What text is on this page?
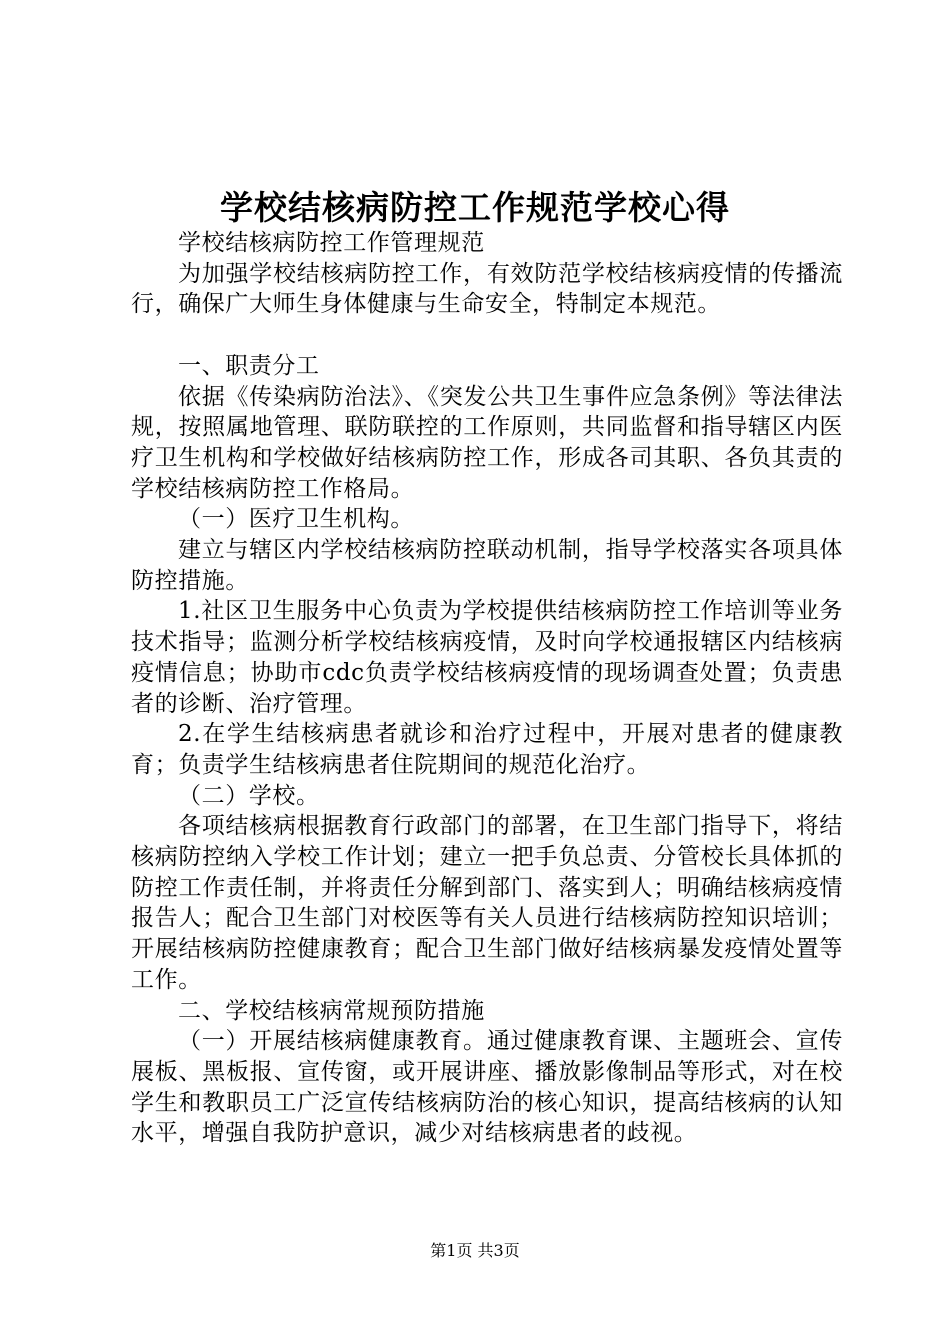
学校结核病防控工作规范学校心得

学校结核病防控工作管理规范

为加强学校结核病防控工作，有效防范学校结核病疫情的传播流行，确保广大师生身体健康与生命安全，特制定本规范。

一、职责分工

依据《传染病防治法》、《突发公共卫生事件应急条例》等法律法规，按照属地管理、联防联控的工作原则，共同监督和指导辖区内医疗卫生机构和学校做好结核病防控工作，形成各司其职、各负其责的学校结核病防控工作格局。

（一）医疗卫生机构。

建立与辖区内学校结核病防控联动机制，指导学校落实各项具体防控措施。

1.社区卫生服务中心负责为学校提供结核病防控工作培训等业务技术指导；监测分析学校结核病疫情，及时向学校通报辖区内结核病疫情信息；协助市cdc负责学校结核病疫情的现场调查处置；负责患者的诊断、治疗管理。

2.在学生结核病患者就诊和治疗过程中，开展对患者的健康教育；负责学生结核病患者住院期间的规范化治疗。

（二）学校。

各项结核病根据教育行政部门的部署，在卫生部门指导下，将结核病防控纳入学校工作计划；建立一把手负总责、分管校长具体抓的防控工作责任制，并将责任分解到部门、落实到人；明确结核病疫情报告人；配合卫生部门对校医等有关人员进行结核病防控知识培训；开展结核病防控健康教育；配合卫生部门做好结核病暴发疫情处置等工作。

二、学校结核病常规预防措施

（一）开展结核病健康教育。通过健康教育课、主题班会、宣传展板、黑板报、宣传窗，或开展讲座、播放影像制品等形式，对在校学生和教职员工广泛宣传结核病防治的核心知识，提高结核病的认知水平，增强自我防护意识，减少对结核病患者的歧视。

第1页 共3页
